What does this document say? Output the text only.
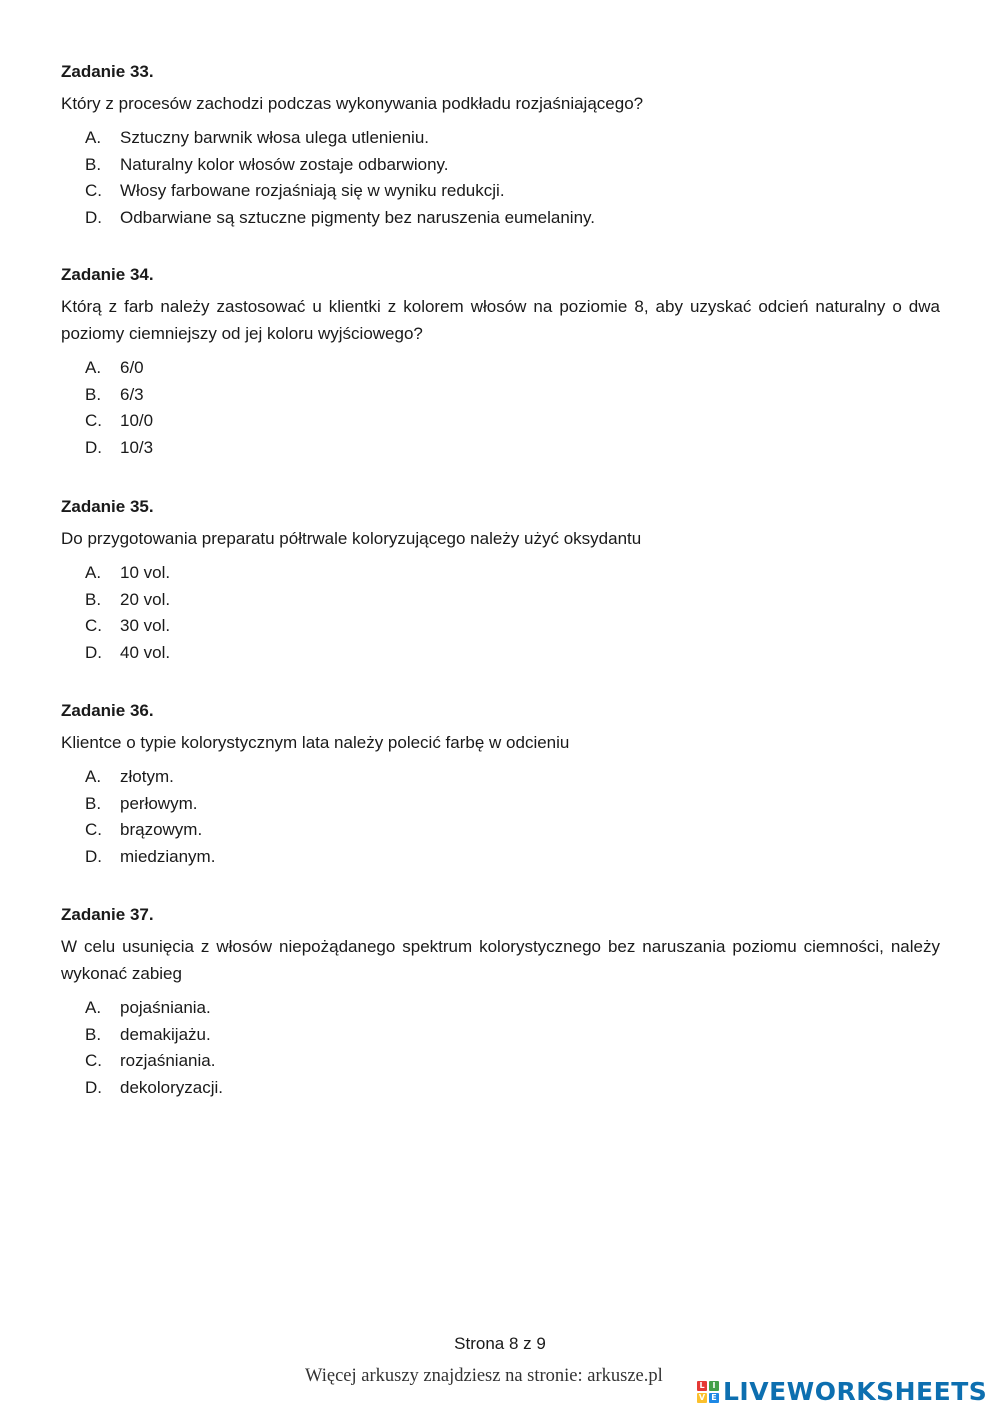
Zadanie 33.

Który z procesów zachodzi podczas wykonywania podkładu rozjaśniającego?

A.	Sztuczny barwnik włosa ulega utlenieniu.
B.	Naturalny kolor włosów zostaje odbarwiony.
C.	Włosy farbowane rozjaśniają się w wyniku redukcji.
D.	Odbarwiane są sztuczne pigmenty bez naruszenia eumelaniny.

Zadanie 34.

Którą z farb należy zastosować u klientki z kolorem włosów na poziomie 8, aby uzyskać odcień naturalny o dwa poziomy ciemniejszy od jej koloru wyjściowego?

A.	6/0
B.	6/3
C.	10/0
D.	10/3

Zadanie 35.

Do przygotowania preparatu półtrwale koloryzującego należy użyć oksydantu

A.	10 vol.
B.	20 vol.
C.	30 vol.
D.	40 vol.

Zadanie 36.

Klientce o typie kolorystycznym lata należy polecić farbę w odcieniu

A.	złotym.
B.	perłowym.
C.	brązowym.
D.	miedzianym.

Zadanie 37.

W celu usunięcia z włosów niepożądanego spektrum kolorystycznego bez naruszania poziomu ciemności, należy wykonać zabieg

A.	pojaśniania.
B.	demakijażu.
C.	rozjaśniania.
D.	dekoloryzacji.
Strona 8 z 9
Więcej arkuszy znajdziesz na stronie: arkusze.pl	L I
V E LIVEWORKSHEETS
